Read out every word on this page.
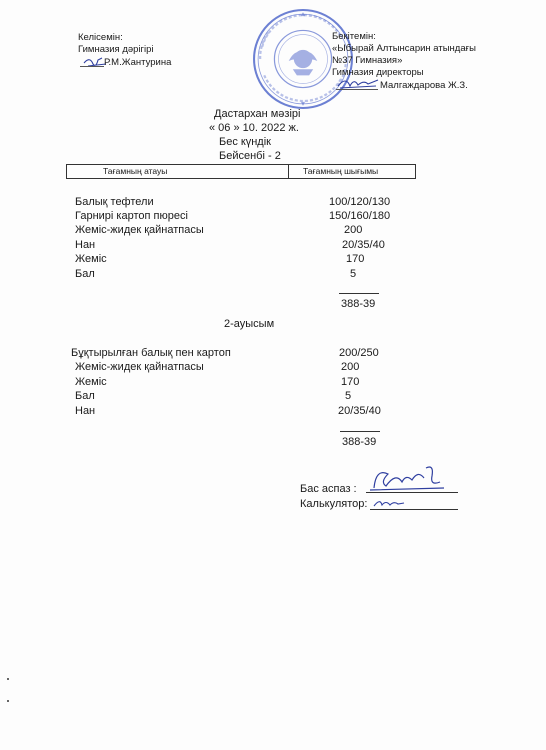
Келісемін:
Гимназия дәрігірі
Р.М.Жантурина
Бекітемін:
«Ыбырай Алтынсарин атындағы
№37 Гимназия»
Гимназия директоры
Малгаждарова Ж.З.
Дастархан мәзірі
« 06 » 10. 2022 ж.
Бес күндік
Бейсенбі - 2
Тағамның атауы	Тағамның шығымы
Балық тефтели	100/120/130
Гарнирі картоп пюресі	150/160/180
Жеміс-жидек қайнатпасы	200
Нан	20/35/40
Жеміс	170
Бал	5
388-39
2-ауысым
Бұқтырылған балық пен картоп	200/250
Жеміс-жидек қайнатпасы	200
Жеміс	170
Бал	5
Нан	20/35/40
388-39
Бас аспаз :
Калькулятор:
